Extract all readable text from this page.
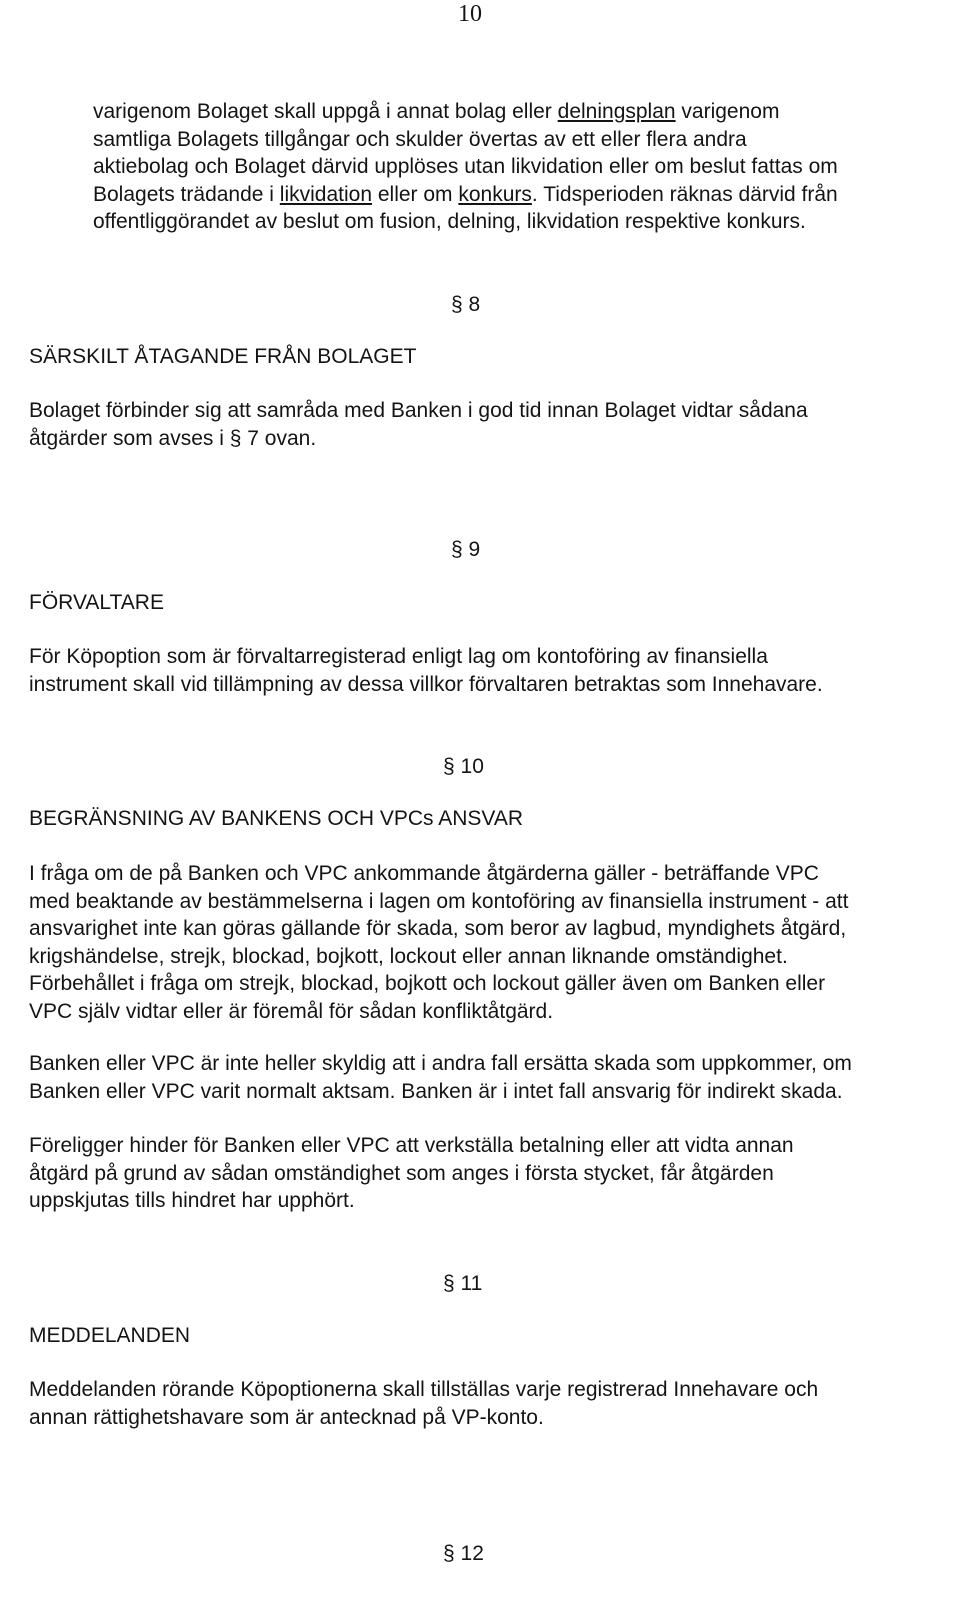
10
varigenom Bolaget skall uppgå i annat bolag eller delningsplan varigenom
samtliga Bolagets tillgångar och skulder övertas av ett eller flera andra
aktiebolag och Bolaget därvid upplöses utan likvidation eller om beslut fattas om
Bolagets trädande i likvidation eller om konkurs. Tidsperioden räknas därvid från
offentliggörandet av beslut om fusion, delning, likvidation respektive konkurs.
§ 8
SÄRSKILT ÅTAGANDE FRÅN BOLAGET
Bolaget förbinder sig att samråda med Banken i god tid innan Bolaget vidtar sådana
åtgärder som avses i § 7 ovan.
§ 9
FÖRVALTARE
För Köpoption som är förvaltarregisterad enligt lag om kontoföring av finansiella
instrument skall vid tillämpning av dessa villkor förvaltaren betraktas som Innehavare.
§ 10
BEGRÄNSNING AV BANKENS OCH VPCs ANSVAR
I fråga om de på Banken och VPC ankommande åtgärderna gäller - beträffande VPC
med beaktande av bestämmelserna i lagen om kontoföring av finansiella instrument - att
ansvarighet inte kan göras gällande för skada, som beror av lagbud, myndighets åtgärd,
krigshändelse, strejk, blockad, bojkott, lockout eller annan liknande omständighet.
Förbehållet i fråga om strejk, blockad, bojkott och lockout gäller även om Banken eller
VPC själv vidtar eller är föremål för sådan konfliktåtgärd.
Banken eller VPC är inte heller skyldig att i andra fall ersätta skada som uppkommer, om
Banken eller VPC varit normalt aktsam. Banken är i intet fall ansvarig för indirekt skada.
Föreligger hinder för Banken eller VPC att verkställa betalning eller att vidta annan
åtgärd på grund av sådan omständighet som anges i första stycket, får åtgärden
uppskjutas tills hindret har upphört.
§ 11
MEDDELANDEN
Meddelanden rörande Köpoptionerna skall tillställas varje registrerad Innehavare och
annan rättighetshavare som är antecknad på VP-konto.
§ 12
